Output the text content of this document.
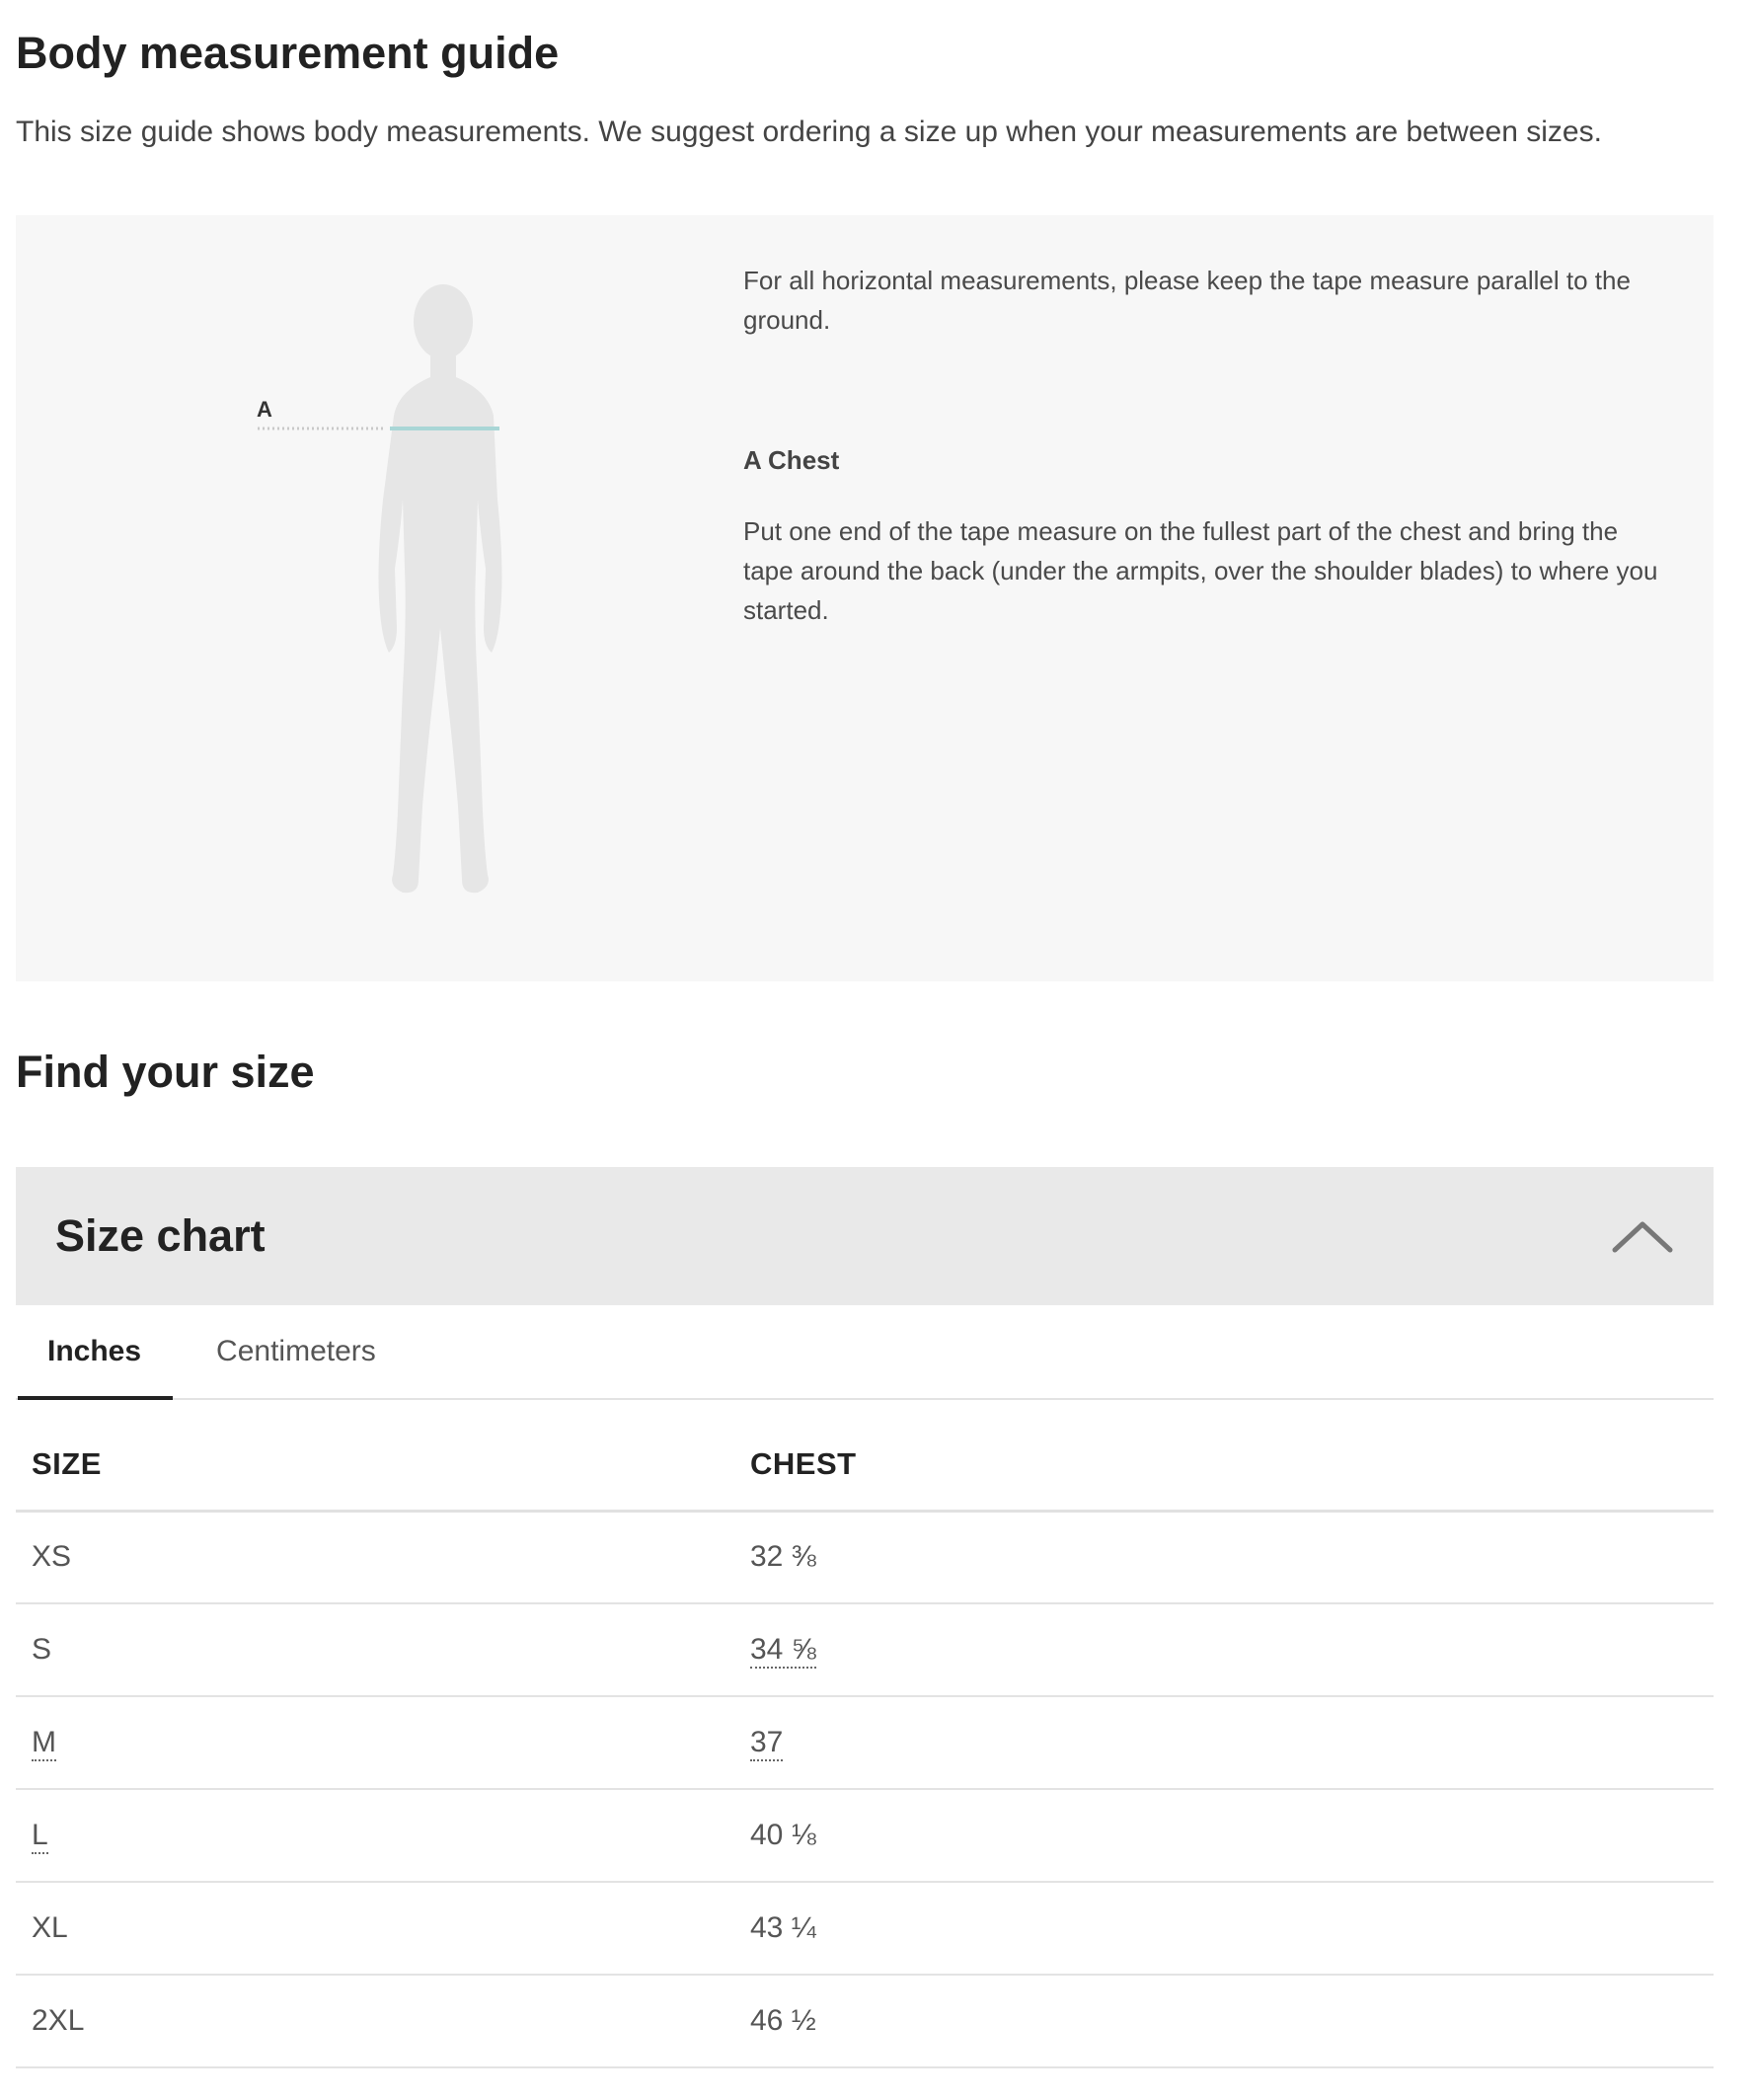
Body measurement guide

This size guide shows body measurements. We suggest ordering a size up when your measurements are between sizes.

A

For all horizontal measurements, please keep the tape measure parallel to the ground.

A Chest

Put one end of the tape measure on the fullest part of the chest and bring the tape around the back (under the armpits, over the shoulder blades) to where you started.

Find your size
Size chart
Inches	Centimeters
SIZE	CHEST
XS	32 ⅜
S	34 ⅝
M	37
L	40 ⅛
XL	43 ¼
2XL	46 ½
